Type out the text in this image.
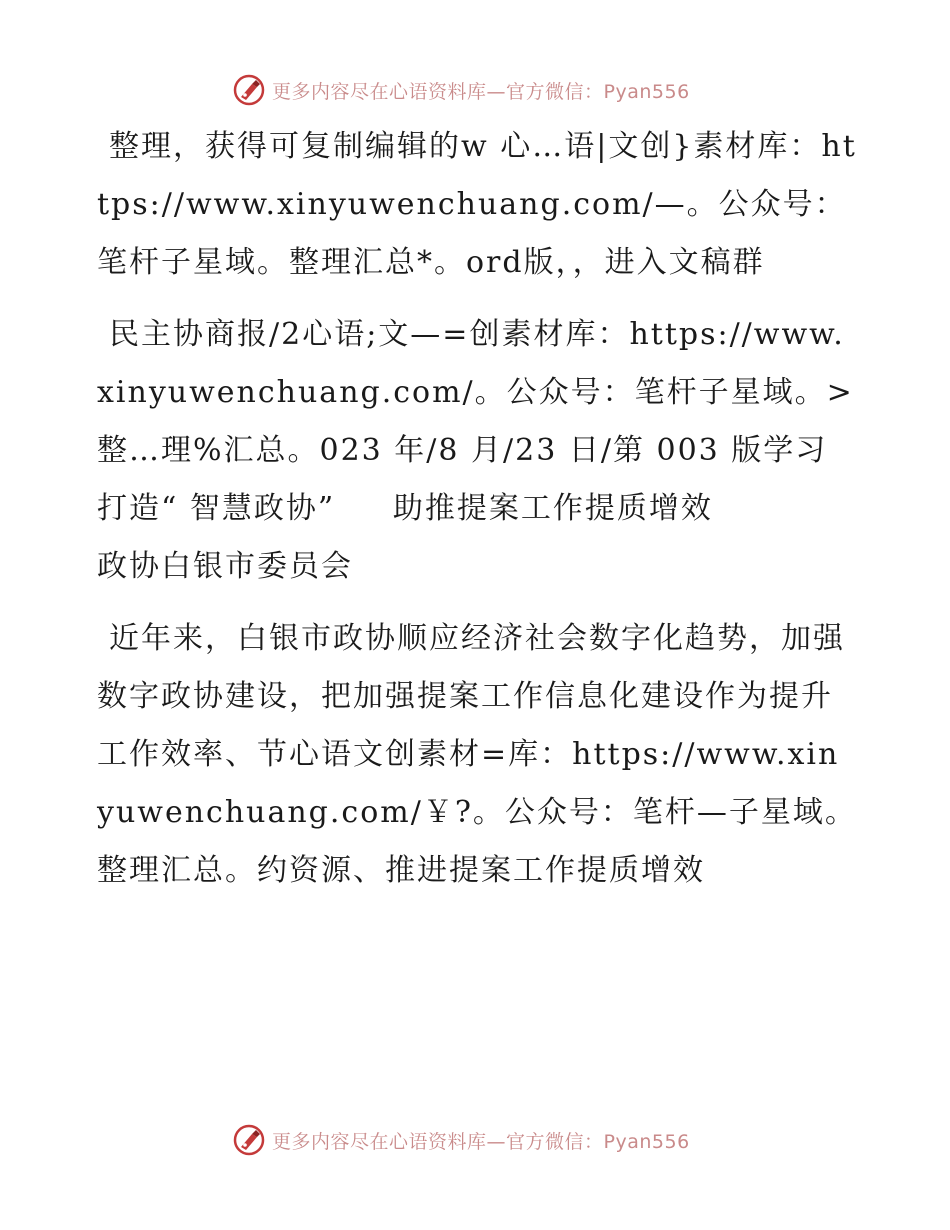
更多内容尽在心语资料库—官方微信：Pyan556

整理，获得可复制编辑的w 心…语|文创}素材库：https://www.xinyuwenchuang.com/—。公众号：笔杆子星域。整理汇总*。ord版，，进入文稿群

民主协商报/2心语;文—=创素材库：https://www.xinyuwenchuang.com/。公众号：笔杆子星域。>整…理%汇总。023 年/8 月/23 日/第 003 版学习

打造“ 智慧政协”     助推提案工作提质增效

政协白银市委员会

近年来，白银市政协顺应经济社会数字化趋势，加强数字政协建设，把加强提案工作信息化建设作为提升工作效率、节心语文创素材=库：https://www.xinyuwenchuang.com/￥?。公众号：笔杆—子星域。整理汇总。约资源、推进提案工作提质增效

更多内容尽在心语资料库—官方微信：Pyan556
